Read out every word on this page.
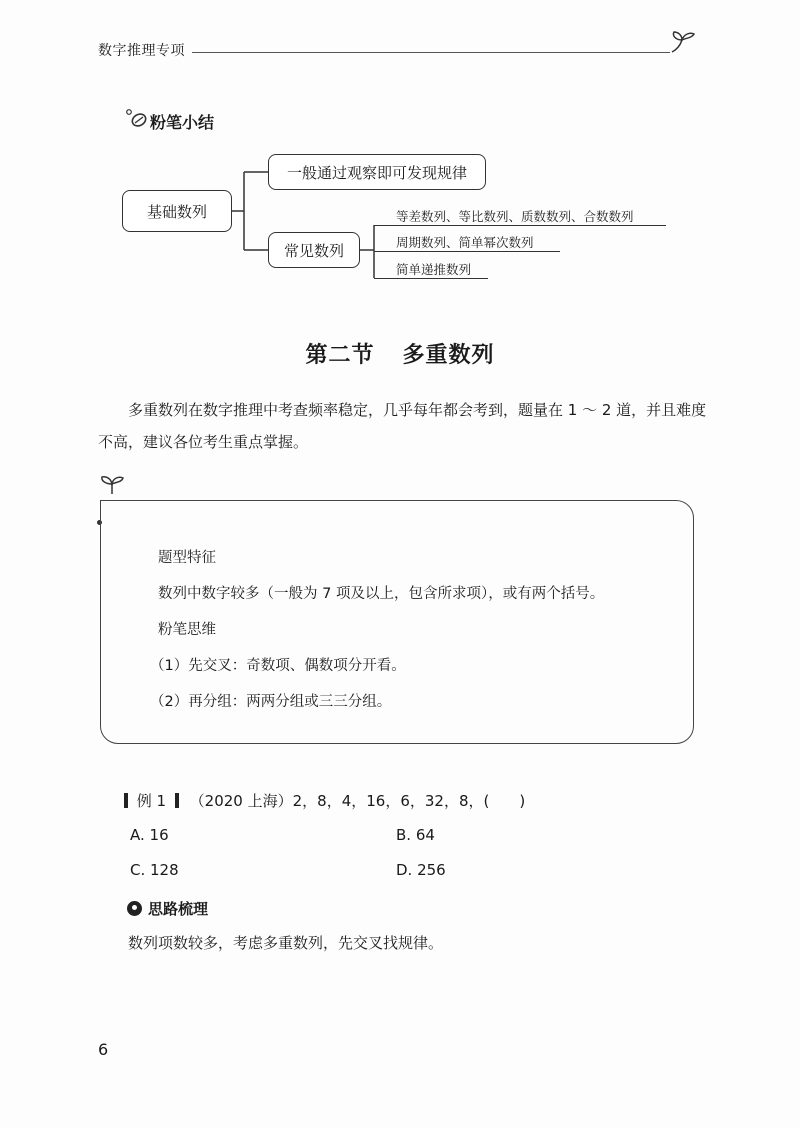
数字推理专项
粉笔小结
基础数列
一般通过观察即可发现规律
常见数列
等差数列、等比数列、质数数列、合数数列
周期数列、简单幂次数列
简单递推数列
第二节 多重数列
多重数列在数字推理中考查频率稳定，几乎每年都会考到，题量在 1 ～ 2 道，并且难度不高，建议各位考生重点掌握。
题型特征
数列中数字较多（一般为 7 项及以上，包含所求项），或有两个括号。
粉笔思维
（1）先交叉：奇数项、偶数项分开看。
（2）再分组：两两分组或三三分组。
例 1 （2020 上海）2，8，4，16，6，32，8，(　　)
A. 16	B. 64
C. 128	D. 256
思路梳理
数列项数较多，考虑多重数列，先交叉找规律。
6
